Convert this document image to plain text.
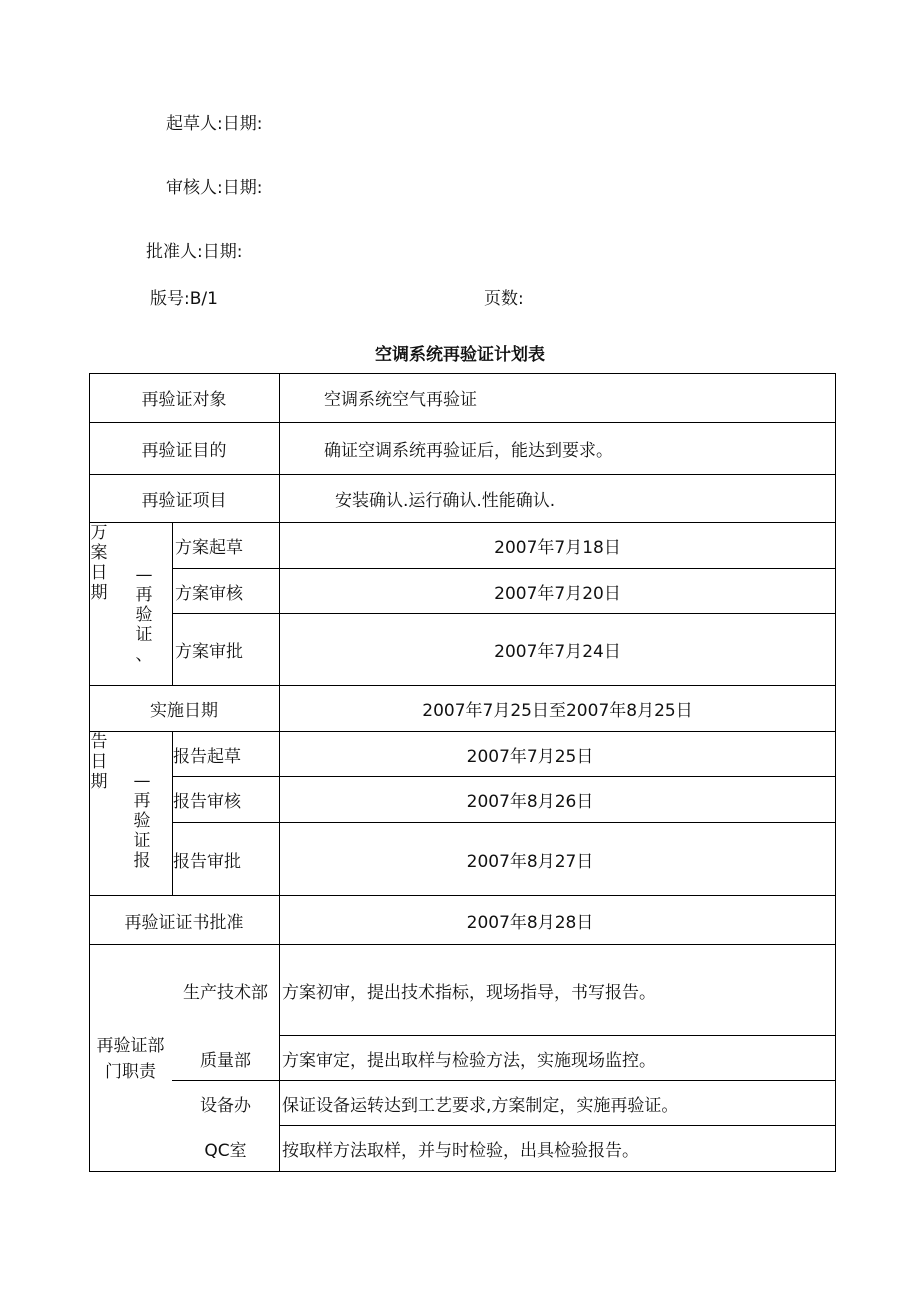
起草人:日期:
审核人:日期:
批准人:日期:
版号:B/1	页数:
空调系统再验证计划表
再验证对象	空调系统空气再验证
再验证目的	确证空调系统再验证后，能达到要求。
再验证项目	安装确认.运行确认.性能确认.
万
案
日
期
—
再
验
证
、
方案起草	2007年7月18日
方案审核	2007年7月20日
方案审批	2007年7月24日
实施日期	2007年7月25日至2007年8月25日
告
日
期 —
再
验
证
报
报告起草	2007年7月25日
报告审核	2007年8月26日
报告审批	2007年8月27日
再验证证书批准	2007年8月28日
再验证部
门职责
生产技术部 方案初审，提出技术指标，现场指导，书写报告。
质量部	方案审定，提出取样与检验方法，实施现场监控。
设备办	保证设备运转达到工艺要求,方案制定，实施再验证。
QC室	按取样方法取样，并与时检验，出具检验报告。
